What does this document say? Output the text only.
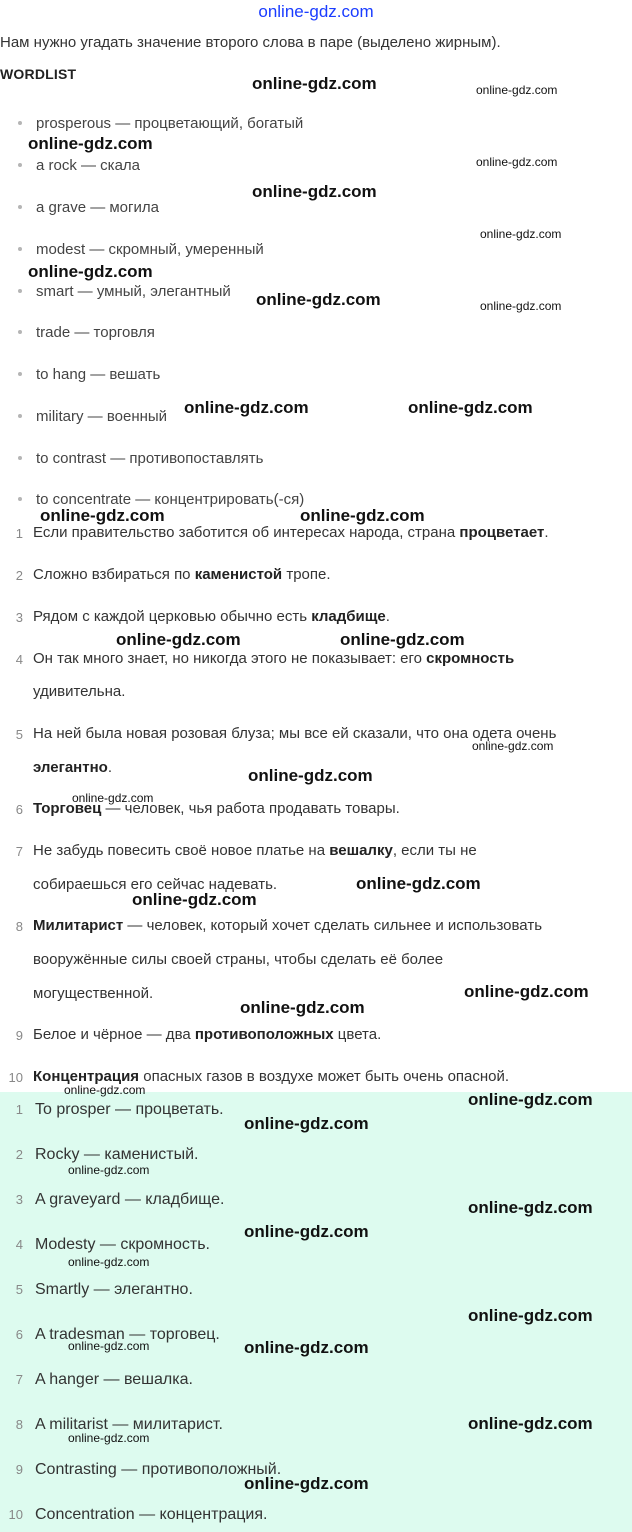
online-gdz.com
Нам нужно угадать значение второго слова в паре (выделено жирным).
WORDLIST
prosperous — процветающий, богатый
a rock — скала
a grave — могила
modest — скромный, умеренный
smart — умный, элегантный
trade — торговля
to hang — вешать
military — военный
to contrast — противопоставлять
to concentrate — концентрировать(-ся)
1 Если правительство заботится об интересах народа, страна процветает.
2 Сложно взбираться по каменистой тропе.
3 Рядом с каждой церковью обычно есть кладбище.
4 Он так много знает, но никогда этого не показывает: его скромность
удивительна.
5 На ней была новая розовая блуза; мы все ей сказали, что она одета очень
элегантно.
6 Торговец — человек, чья работа продавать товары.
7 Не забудь повесить своё новое платье на вешалку, если ты не
собираешься его сейчас надевать.
8 Милитарист — человек, который хочет сделать сильнее и использовать
вооружённые силы своей страны, чтобы сделать её более
могущественной.
9 Белое и чёрное — два противоположных цвета.
10 Концентрация опасных газов в воздухе может быть очень опасной.
1 To prosper — процветать.
2 Rocky — каменистый.
3 A graveyard — кладбище.
4 Modesty — скромность.
5 Smartly — элегантно.
6 A tradesman — торговец.
7 A hanger — вешалка.
8 A militarist — милитарист.
9 Contrasting — противоположный.
10 Concentration — концентрация.
online-gdz.com	online-gdz.com
online-gdz.com
online-gdz.com
online-gdz.com
online-gdz.com
online-gdz.com
online-gdz.com	online-gdz.com
online-gdz.com	online-gdz.com
online-gdz.com	online-gdz.com
online-gdz.com	online-gdz.com
online-gdz.com
online-gdz.com
online-gdz.com
online-gdz.com
online-gdz.com
online-gdz.com
online-gdz.com
online-gdz.com	online-gdz.com
online-gdz.com
online-gdz.com
online-gdz.com
online-gdz.com
online-gdz.com
online-gdz.com
online-gdz.com
online-gdz.com
online-gdz.com
online-gdz.com
online-gdz.com
